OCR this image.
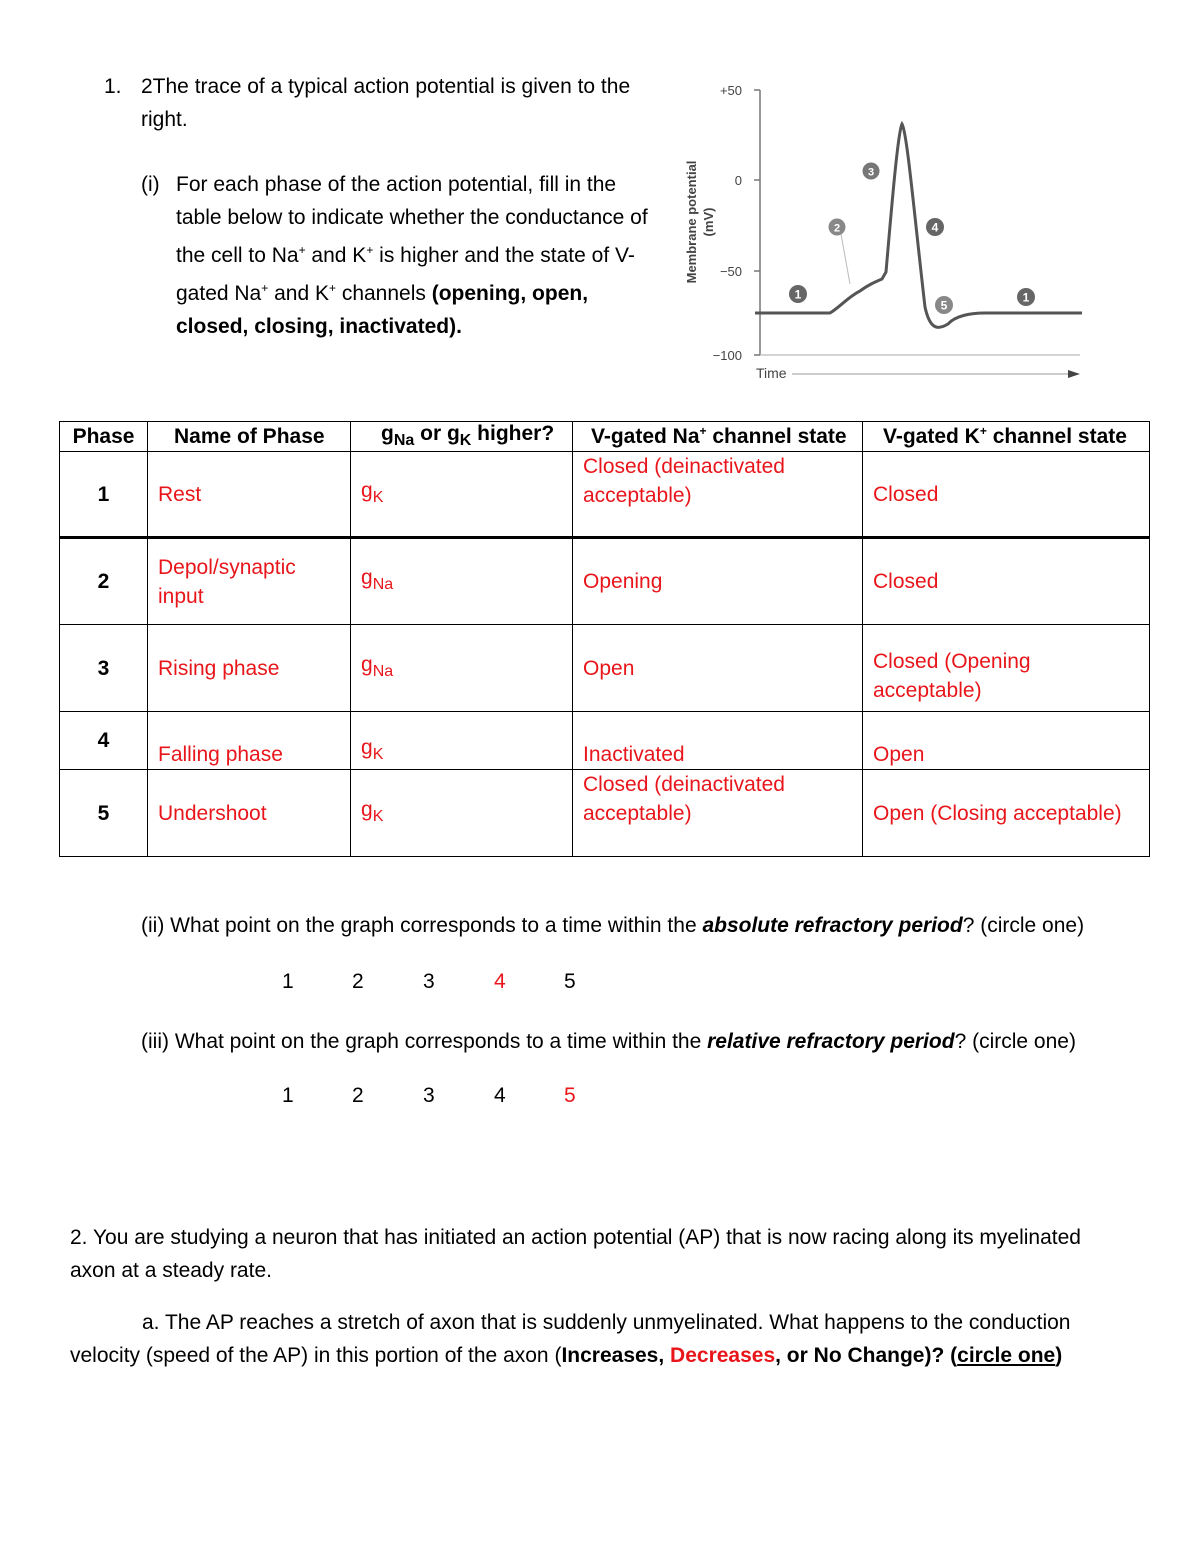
1. 2The trace of a typical action potential is given to the right.
(i) For each phase of the action potential, fill in the table below to indicate whether the conductance of the cell to Na+ and K+ is higher and the state of V-gated Na+ and K+ channels (opening, open, closed, closing, inactivated).
+50
0
−50
−100
Membrane potential (mV)
Time
1
2
3
4
5
1
Phase	Name of Phase	$g_{Na}$ or $g_K$ higher?	V-gated Na+ channel state	V-gated K+ channel state
1	Rest	$g_K$	Closed (deinactivated acceptable)	Closed
2	Depol/synaptic input	$g_{Na}$	Opening	Closed
3	Rising phase	$g_{Na}$	Open	Closed (Opening acceptable)
4	Falling phase	$g_K$	Inactivated	Open
5	Undershoot	$g_K$	Closed (deinactivated acceptable)	Open (Closing acceptable)
(ii) What point on the graph corresponds to a time within the absolute refractory period? (circle one)
1	2	3	4	5
(iii) What point on the graph corresponds to a time within the relative refractory period? (circle one)
1	2	3	4	5
2. You are studying a neuron that has initiated an action potential (AP) that is now racing along its myelinated axon at a steady rate.
a. The AP reaches a stretch of axon that is suddenly unmyelinated. What happens to the conduction velocity (speed of the AP) in this portion of the axon (Increases, Decreases, or No Change)? (circle one)
